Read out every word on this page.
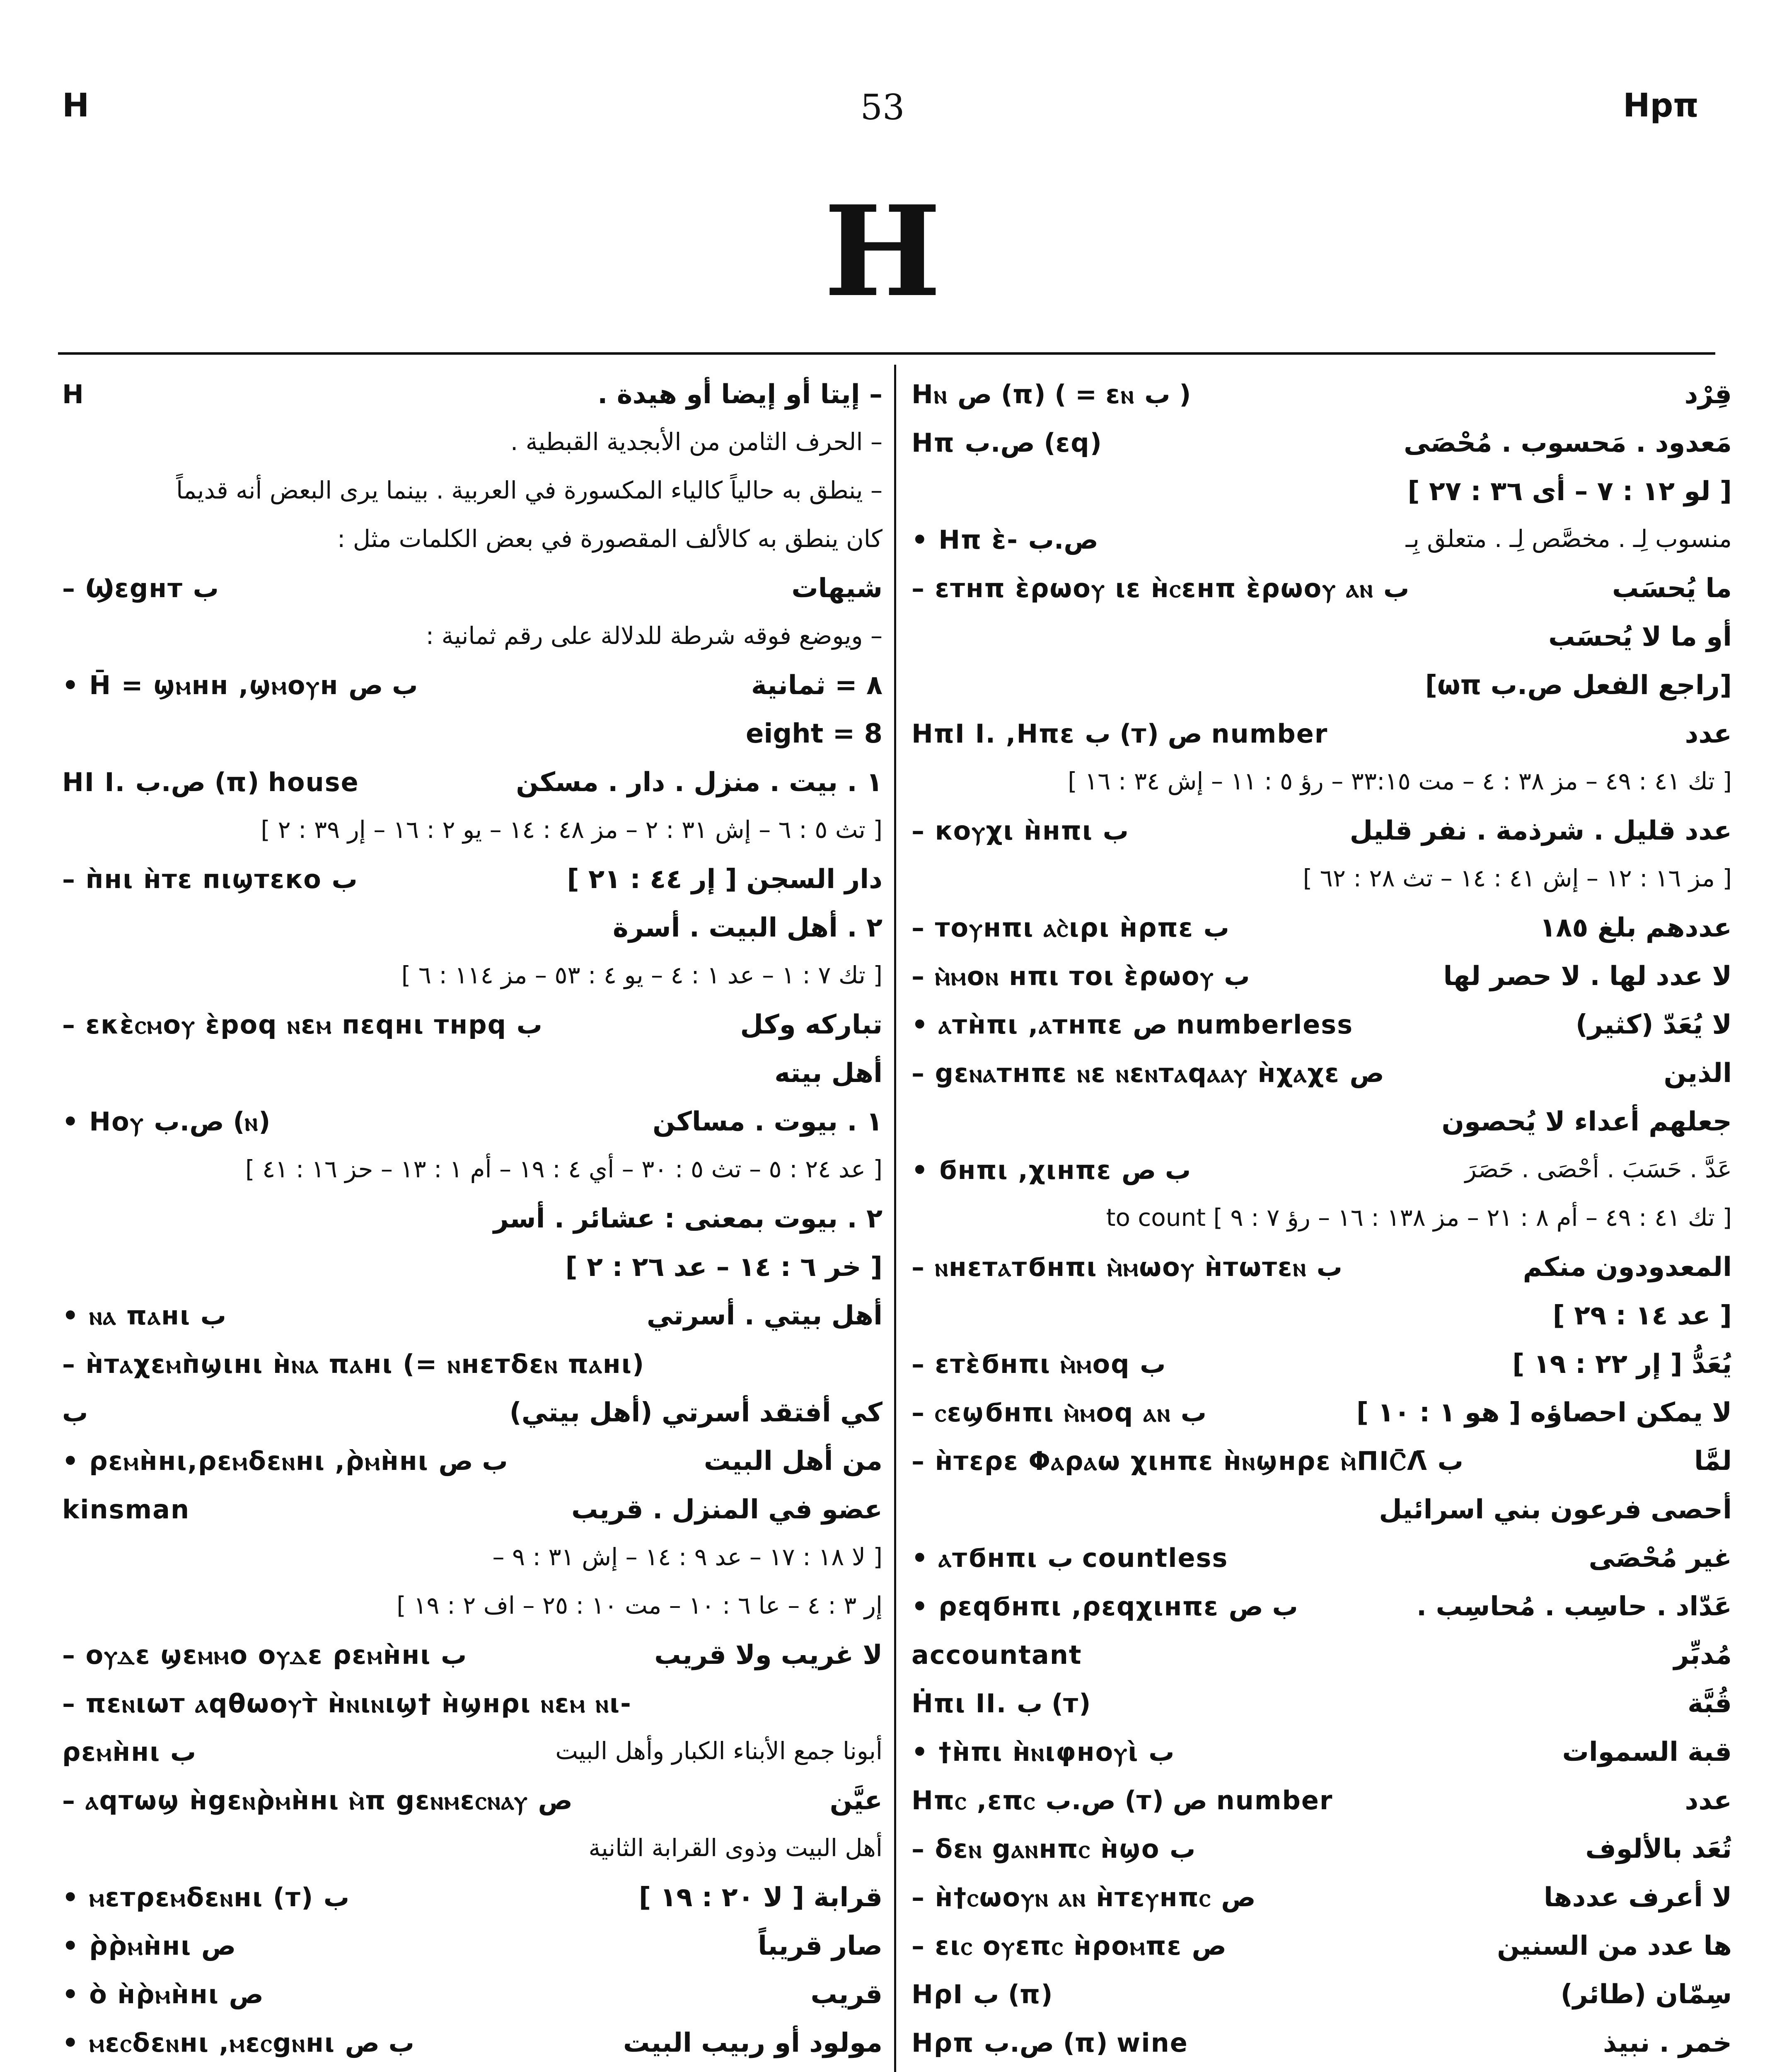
H	53	Hpπ
H
H	– إيتا أو إيضا أو هيدة .
– الحرف الثامن من الأبجدية القبطية .
– ينطق به حالياً كالياء المكسورة في العربية . بينما يرى البعض أنه قديماً
كان ينطق به كالألف المقصورة في بعض الكلمات مثل :
– Ϣεgнт ب	شيهات
– ويوضع فوقه شرطة للدلالة على رقم ثمانية :
• H̄ = ϣⲙнн ,ϣⲙоⲩн ب ص	٨ = ثمانية
8 = eight
HI I. ص.ب (π) house	١ . بيت . منزل . دار . مسكن
[ تث ٥ : ٦ – إش ٣١ : ٢ – مز ٤٨ : ١٤ – يو ٢ : ١٦ – إر ٣٩ : ٢ ]
– п̀нι н̀тε пιϣтεкο ب	دار السجن [ إر ٤٤ : ٢١ ]
٢ . أهل البيت . أسرة
[ تك ٧ : ١ – عد ١ : ٤ – يو ٤ : ٥٣ – مز ١١٤ : ٦ ]
– εκὲⲥⲙоⲩ ὲроq ⲛεⲙ пεqнι тнрq ب	تباركه وكل
أهل بيته
• Hоⲩ ص.ب (ⲛ)	١ . بيوت . مساكن
[ عد ٢٤ : ٥ – تث ٥ : ٣٠ – أي ٤ : ١٩ – أم ١ : ١٣ – حز ١٦ : ٤١ ]
٢ . بيوت بمعنى : عشائر . أسر
[ خر ٦ : ١٤ – عد ٢٦ : ٢ ]
• ⲛⲁ πⲁнι ب	أهل بيتي . أسرتي
– н̀тⲁχεⲙп̀ϣιнι н̀ⲛⲁ πⲁнι (= ⲛнεтδεⲛ πⲁнι)
ب	كي أفتقد أسرتي (أهل بيتي)
• ρεⲙн̀нι,ρεⲙδεⲛнι ,ρ̀ⲙн̀нι ب ص	من أهل البيت
kinsman	عضو في المنزل . قريب
[ لا ١٨ : ١٧ – عد ٩ : ١٤ – إش ٣١ : ٩ –
إر ٣ : ٤ – عا ٦ : ١٠ – مت ١٠ : ٢٥ – اف ٢ : ١٩ ]
– оⲩⲇε ϣεⲙⲙо оⲩⲇε ρεⲙн̀нι ب	لا غريب ولا قريب
– πεⲛιωт ⲁqθωоⲩт̀ н̀ⲛιⲛιϣ† н̀ϣнρι ⲛεⲙ ⲛι-
ρεⲙн̀нι ب	أبونا جمع الأبناء الكبار وأهل البيت
– ⲁqтωϣ н̀gεⲛρ̀ⲙн̀нι ⲙ̀π gεⲛⲙεⲥⲛⲁⲩ ص	عيَّن
أهل البيت وذوى القرابة الثانية
• ⲙεтρεⲙδεⲛнι (т) ب	قرابة [ لا ٢٠ : ١٩ ]
• ρ̀ρ̀ⲙн̀нι ص	صار قريباً
• о̀ н̀ρ̀ⲙн̀нι ص	قريب
• ⲙεⲥδεⲛнι ,ⲙεⲥgⲛнι ب ص	مولود أو ربيب البيت
Hⲛ ص (π) ( = εⲛ ب )	قِرْد
Hπ ص.ب (εq)	مَعدود . مَحسوب . مُحْصَى
[ لو ١٢ : ٧ – أى ٣٦ : ٢٧ ]
• Hπ ὲ- ص.ب	منسوب لِـ . مخصَّص لِـ . متعلق بِـ
– εтнπ ὲρωоⲩ ιε н̀ⲥεнπ ὲρωоⲩ ⲁⲛ ب	ما يُحسَب
أو ما لا يُحسَب
[راجع الفعل ص.ب ωπ]
HπI I. ,Hπε ب (т) ص number	عدد
[ تك ٤١ : ٤٩ – مز ٣٨ : ٤ – مت ٣٣:١٥ – رؤ ٥ : ١١ – إش ٣٤ : ١٦ ]
– коⲩχι н̀нπι ب	عدد قليل . شرذمة . نفر قليل
[ مز ١٦ : ١٢ – إش ٤١ : ١٤ – تث ٢٨ : ٦٢ ]
– тоⲩнπι ⲁⲥ̀ιρι н̀ρπε ب	عددهم بلغ ١٨٥
– ⲙ̀ⲙоⲛ нπι тоι ὲρωоⲩ ب	لا عدد لها . لا حصر لها
• ⲁтн̀πι ,ⲁтнπε ص numberless	لا يُعَدّ (كثير)
– gεⲛⲁтнπε ⲛε ⲛεⲛтⲁqⲁⲁⲩ н̀χⲁχε ص	الذين
جعلهم أعداء لا يُحصون
• ϭнπι ,χιнπε ب ص	عَدَّ . حَسَبَ . أحْصَى . حَصَرَ
[ تك ٤١ : ٤٩ – أم ٨ : ٢١ – مز ١٣٨ : ١٦ – رؤ ٧ : ٩ ] to count
– ⲛнεтⲁтϭнπι ⲙ̀ⲙωоⲩ н̀тωтεⲛ ب	المعدودون منكم
[ عد ١٤ : ٢٩ ]
– εтὲϭнπι ⲙ̀ⲙоq ب	يُعَدُّ [ إر ٢٢ : ١٩ ]
– ⲥεϣϭнπι ⲙ̀ⲙоq ⲁⲛ ب	لا يمكن احصاؤه [ هو ١ : ١٠ ]
– н̀тερε Φⲁρⲁω χιнπε н̀ⲛϣнρε ⲙ̀ΠΙⲤ̄Λ̄ ب	لمَّا
أحصى فرعون بني اسرائيل
• ⲁтϭнπι ب countless	غير مُحْصَى
• ρεqϭнπι ,ρεqχιнπε ب ص	عَدّاد . حاسِب . مُحاسِب .
accountant	مُدبِّر
Ḣπι II. ب (т)	قُبَّة
• †н̀πι н̀ⲛιφноⲩὶ ب	قبة السموات
Hπⲥ ,επⲥ ص.ب (т) ص number	عدد
– δεⲛ gⲁⲛнπⲥ н̀ϣо ب	تُعَد بالألوف
– н̀†ⲥωоⲩⲛ ⲁⲛ н̀тεⲩнπⲥ ص	لا أعرف عددها
– ειⲥ оⲩεπⲥ н̀ρоⲙπε ص	ها عدد من السنين
HρI ب (π)	سِمّان (طائر)
Hρπ ص.ب (π) wine	خمر . نبيذ
